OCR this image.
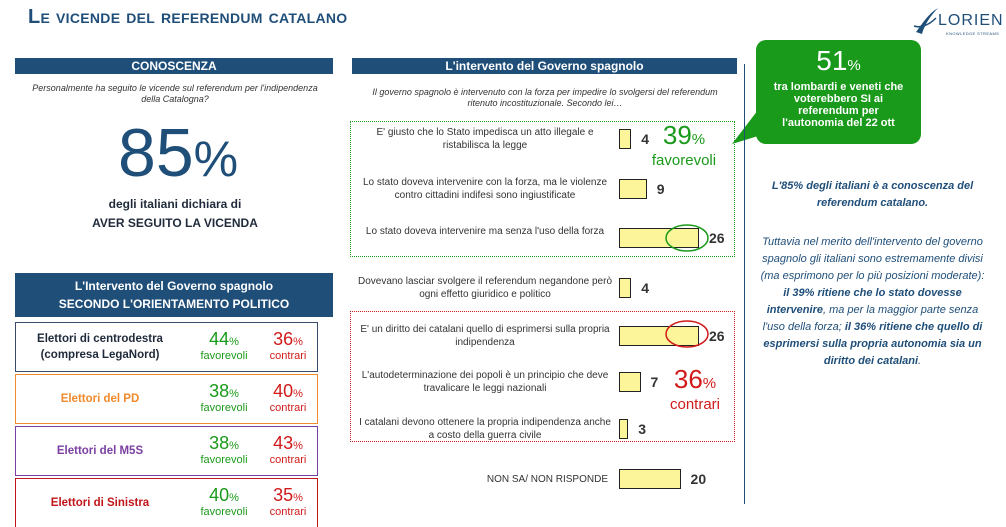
Le vicende del referendum catalano	LORIEN
KNOWLEDGE STREAMS
CONOSCENZA
Personalmente ha seguito le vicende sul referendum per l'indipendenza della Catalogna?
85%
degli italiani dichiara di
AVER SEGUITO LA VICENDA
L'Intervento del Governo spagnolo
SECONDO L'ORIENTAMENTO POLITICO
Elettori di centrodestra (compresa LegaNord)
44%
favorevoli
36%
contrari
Elettori del PD	38%
favorevoli
40%
contrari
Elettori del M5S	38%
favorevoli
43%
contrari
Elettori di Sinistra	40%
favorevoli
35%
contrari
L'intervento del Governo spagnolo
Il governo spagnolo è intervenuto con la forza per impedire lo svolgersi del referendum ritenuto incostituzionale. Secondo lei…
E' giusto che lo Stato impedisca un atto illegale e ristabilisca la legge	4
Lo stato doveva intervenire con la forza, ma le violenze contro cittadini indifesi sono ingiustificate	9
Lo stato doveva intervenire ma senza l'uso della forza	26
Dovevano lasciar svolgere il referendum negandone però ogni effetto giuridico e politico	4
E' un diritto dei catalani quello di esprimersi sulla propria indipendenza	26
L'autodeterminazione dei popoli è un principio che deve travalicare le leggi nazionali	7
I catalani devono ottenere la propria indipendenza anche a costo della guerra civile	3
NON SA/ NON RISPONDE	20
39%
favorevoli
36%
contrari
51%
tra lombardi e veneti che voterebbero SI ai referendum per l'autonomia del 22 ott
L'85% degli italiani è a conoscenza del referendum catalano.
Tuttavia nel merito dell'intervento del governo spagnolo gli italiani sono estremamente divisi (ma esprimono per lo più posizioni moderate): il 39% ritiene che lo stato dovesse intervenire, ma per la maggior parte senza l'uso della forza; il 36% ritiene che quello di esprimersi sulla propria autonomia sia un diritto dei catalani.
